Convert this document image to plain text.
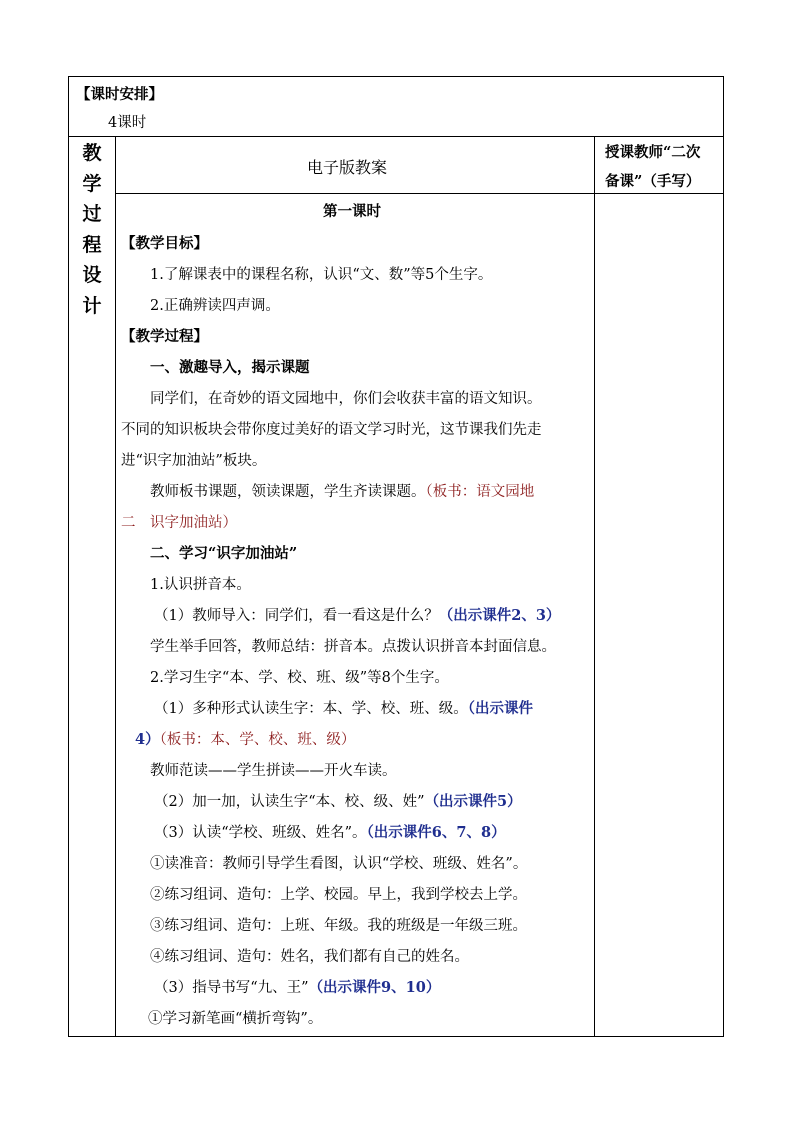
【课时安排】
4课时
教
学
过
程
设
计
电子版教案
授课教师“二次
备课”（手写）
第一课时
【教学目标】
1.了解课表中的课程名称，认识“文、数”等5个生字。
2.正确辨读四声调。
【教学过程】
一、激趣导入，揭示课题
同学们，在奇妙的语文园地中，你们会收获丰富的语文知识。
不同的知识板块会带你度过美好的语文学习时光，这节课我们先走
进“识字加油站”板块。
教师板书课题，领读课题，学生齐读课题。（板书：语文园地
二　识字加油站）
二、学习“识字加油站”
1.认识拼音本。
（1）教师导入：同学们，看一看这是什么？（出示课件2、3）
学生举手回答，教师总结：拼音本。点拨认识拼音本封面信息。
2.学习生字“本、学、校、班、级”等8个生字。
（1）多种形式认读生字：本、学、校、班、级。（出示课件
4）（板书：本、学、校、班、级）
教师范读——学生拼读——开火车读。
（2）加一加，认读生字“本、校、级、姓”（出示课件5）
（3）认读“学校、班级、姓名”。（出示课件6、7、8）
①读准音：教师引导学生看图，认识“学校、班级、姓名”。
②练习组词、造句：上学、校园。早上，我到学校去上学。
③练习组词、造句：上班、年级。我的班级是一年级三班。
④练习组词、造句：姓名，我们都有自己的姓名。
（3）指导书写“九、王”（出示课件9、10）
①学习新笔画“横折弯钩”。
